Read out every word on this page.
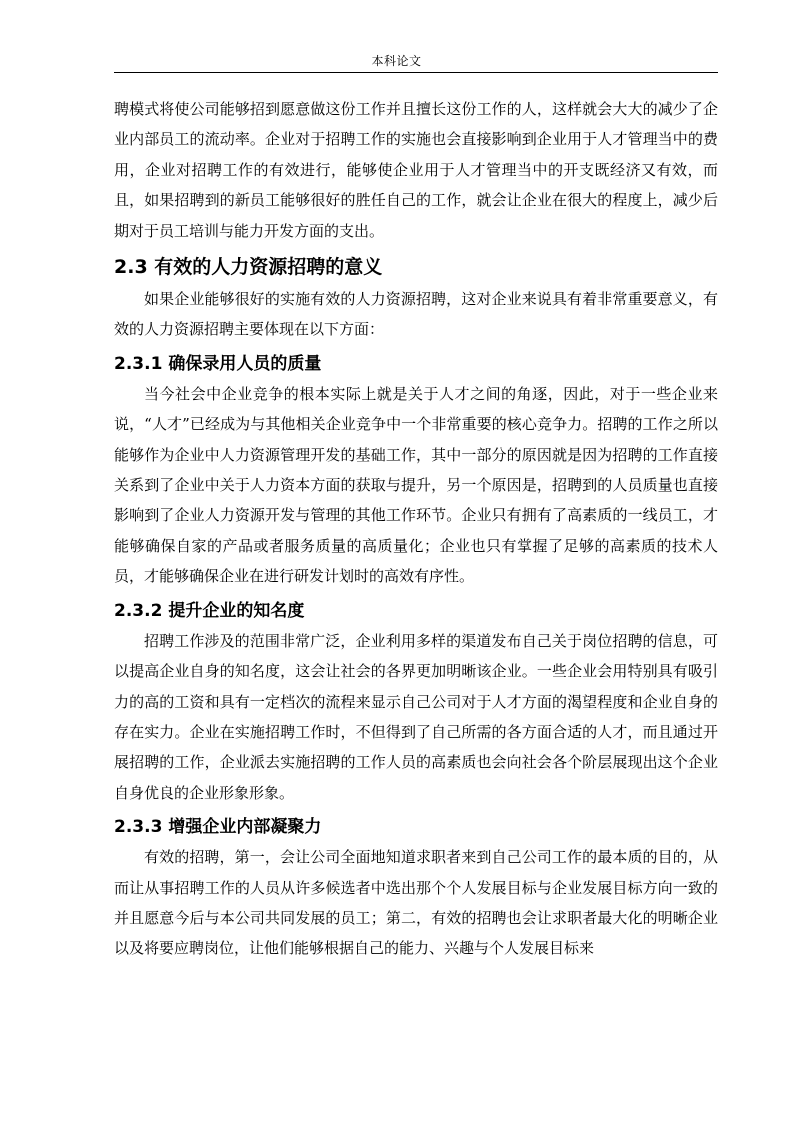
本科论文

聘模式将使公司能够招到愿意做这份工作并且擅长这份工作的人，这样就会大大的减少了企业内部员工的流动率。企业对于招聘工作的实施也会直接影响到企业用于人才管理当中的费用，企业对招聘工作的有效进行，能够使企业用于人才管理当中的开支既经济又有效，而且，如果招聘到的新员工能够很好的胜任自己的工作，就会让企业在很大的程度上，减少后期对于员工培训与能力开发方面的支出。

2.3 有效的人力资源招聘的意义

如果企业能够很好的实施有效的人力资源招聘，这对企业来说具有着非常重要意义，有效的人力资源招聘主要体现在以下方面：

2.3.1 确保录用人员的质量

当今社会中企业竞争的根本实际上就是关于人才之间的角逐，因此，对于一些企业来说，“人才”已经成为与其他相关企业竞争中一个非常重要的核心竞争力。招聘的工作之所以能够作为企业中人力资源管理开发的基础工作，其中一部分的原因就是因为招聘的工作直接关系到了企业中关于人力资本方面的获取与提升，另一个原因是，招聘到的人员质量也直接影响到了企业人力资源开发与管理的其他工作环节。企业只有拥有了高素质的一线员工，才能够确保自家的产品或者服务质量的高质量化；企业也只有掌握了足够的高素质的技术人员，才能够确保企业在进行研发计划时的高效有序性。

2.3.2 提升企业的知名度

招聘工作涉及的范围非常广泛，企业利用多样的渠道发布自己关于岗位招聘的信息，可以提高企业自身的知名度，这会让社会的各界更加明晰该企业。一些企业会用特别具有吸引力的高的工资和具有一定档次的流程来显示自己公司对于人才方面的渴望程度和企业自身的存在实力。企业在实施招聘工作时，不但得到了自己所需的各方面合适的人才，而且通过开展招聘的工作，企业派去实施招聘的工作人员的高素质也会向社会各个阶层展现出这个企业自身优良的企业形象形象。

2.3.3 增强企业内部凝聚力

有效的招聘，第一，会让公司全面地知道求职者来到自己公司工作的最本质的目的，从而让从事招聘工作的人员从许多候选者中选出那个个人发展目标与企业发展目标方向一致的并且愿意今后与本公司共同发展的员工；第二，有效的招聘也会让求职者最大化的明晰企业以及将要应聘岗位，让他们能够根据自己的能力、兴趣与个人发展目标来
